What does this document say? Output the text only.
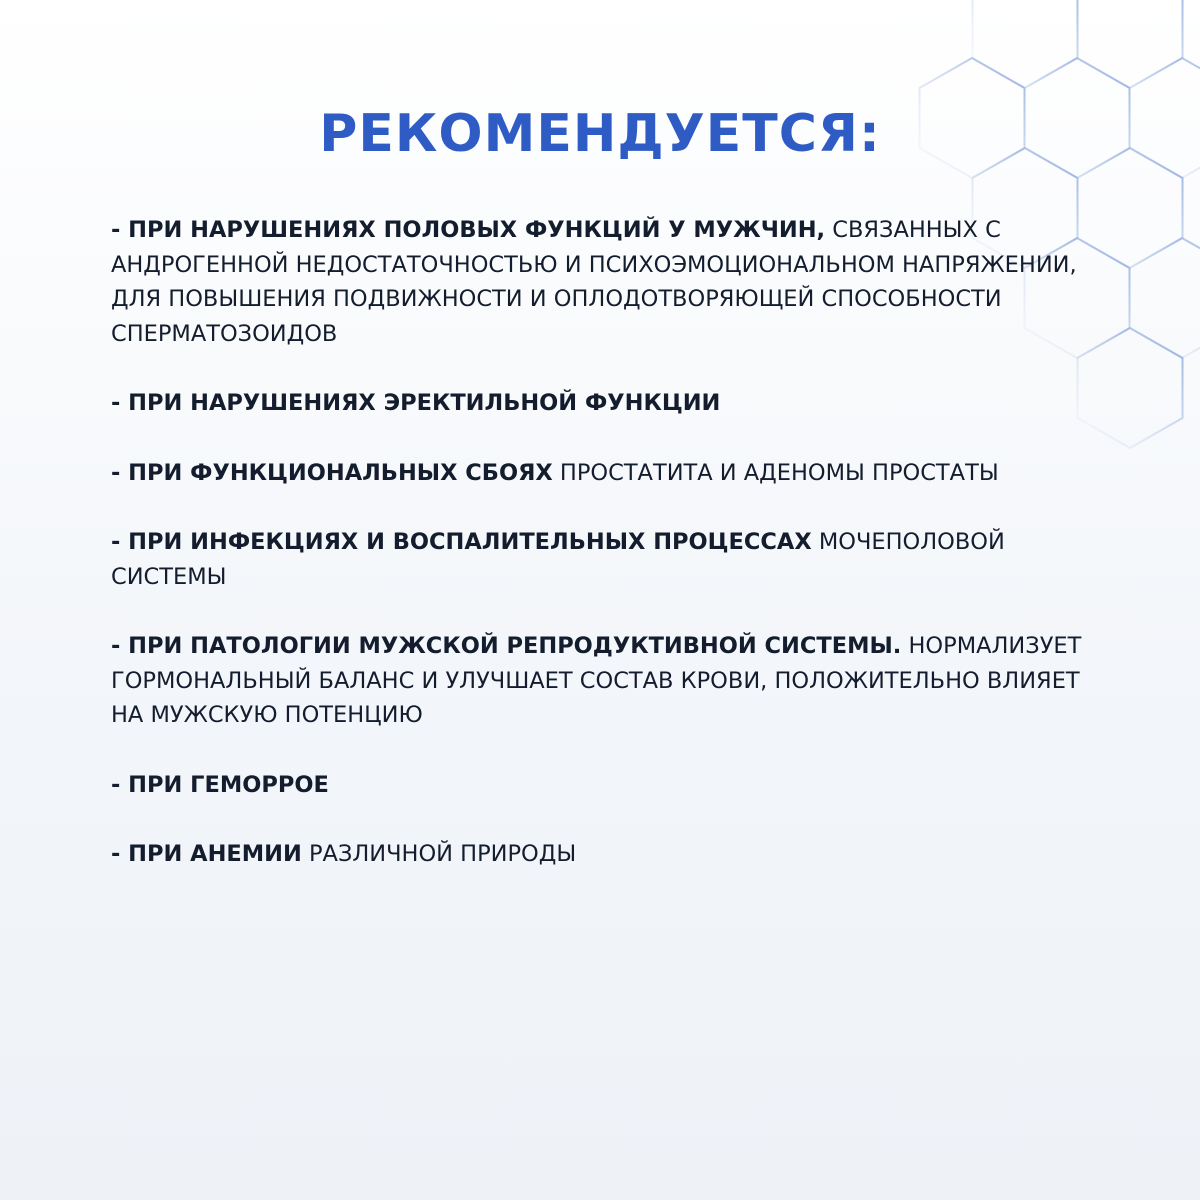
РЕКОМЕНДУЕТСЯ:
- ПРИ НАРУШЕНИЯХ ПОЛОВЫХ ФУНКЦИЙ У МУЖЧИН, СВЯЗАННЫХ С АНДРОГЕННОЙ НЕДОСТАТОЧНОСТЬЮ И ПСИХОЭМОЦИОНАЛЬНОМ НАПРЯЖЕНИИ, ДЛЯ ПОВЫШЕНИЯ ПОДВИЖНОСТИ И ОПЛОДОТВОРЯЮЩЕЙ СПОСОБНОСТИ СПЕРМАТОЗОИДОВ
- ПРИ НАРУШЕНИЯХ ЭРЕКТИЛЬНОЙ ФУНКЦИИ
- ПРИ ФУНКЦИОНАЛЬНЫХ СБОЯХ ПРОСТАТИТА И АДЕНОМЫ ПРОСТАТЫ
- ПРИ ИНФЕКЦИЯХ И ВОСПАЛИТЕЛЬНЫХ ПРОЦЕССАХ МОЧЕПОЛОВОЙ СИСТЕМЫ
- ПРИ ПАТОЛОГИИ МУЖСКОЙ РЕПРОДУКТИВНОЙ СИСТЕМЫ. НОРМАЛИЗУЕТ ГОРМОНАЛЬНЫЙ БАЛАНС И УЛУЧШАЕТ СОСТАВ КРОВИ, ПОЛОЖИТЕЛЬНО ВЛИЯЕТ НА МУЖСКУЮ ПОТЕНЦИЮ
- ПРИ ГЕМОРРОЕ
- ПРИ АНЕМИИ РАЗЛИЧНОЙ ПРИРОДЫ
